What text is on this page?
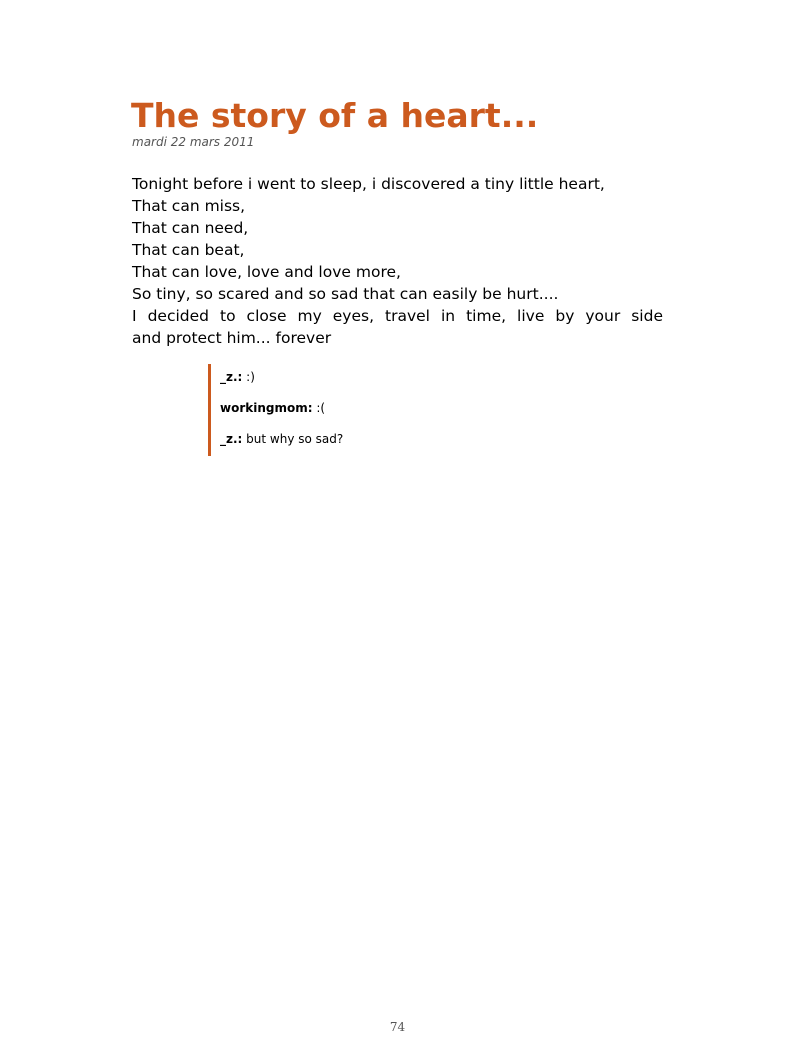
The story of a heart...
mardi 22 mars 2011
Tonight before i went to sleep, i discovered a tiny little heart,
That can miss,
That can need,
That can beat,
That can love, love and love more,
So tiny, so scared and so sad that can easily be hurt....
I decided to close my eyes, travel in time, live by your side
and protect him... forever
_z.: :)
workingmom: :(
_z.: but why so sad?
74
